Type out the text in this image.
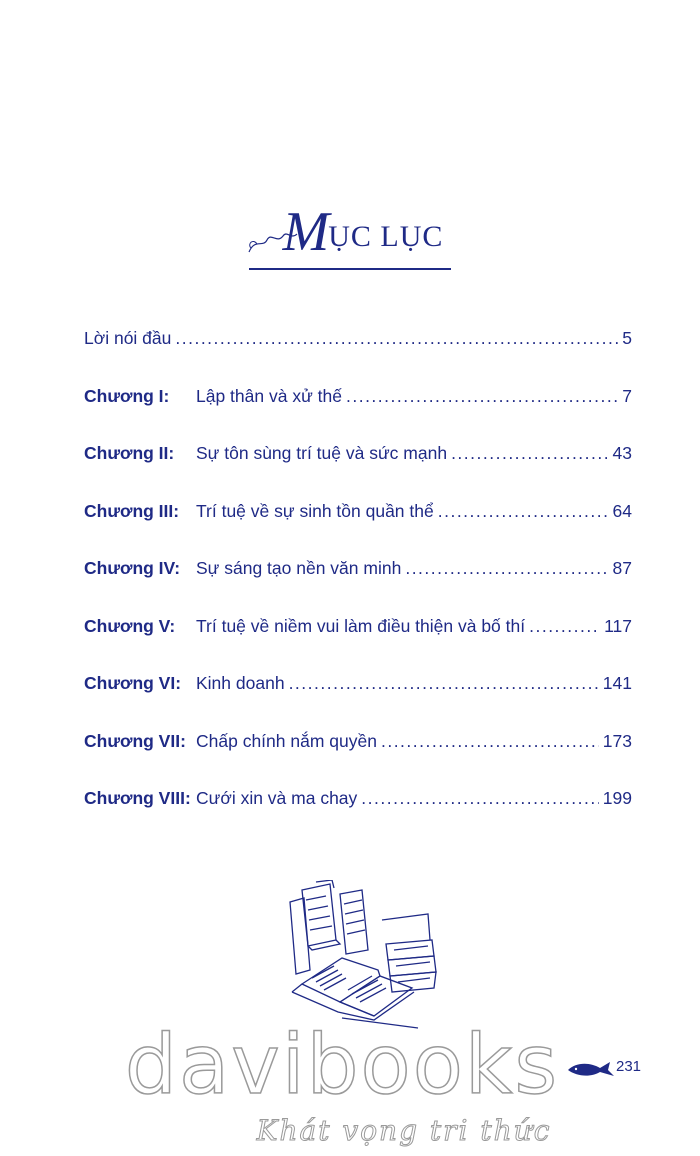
MỤC LỤC
Lời nói đầu .....	5
Chương I:	Lập thân và xử thế .....	7
Chương II:	Sự tôn sùng trí tuệ và sức mạnh .....	43
Chương III: Trí tuệ về sự sinh tồn quần thể .....	64
Chương IV: Sự sáng tạo nền văn minh .....	87
Chương V:	Trí tuệ về niềm vui làm điều thiện và bố thí .....	117
Chương VI: Kinh doanh .....	141
Chương VII: Chấp chính nắm quyền .....	173
Chương VIII: Cưới xin và ma chay .....	199
231
davibooks
Khát vọng tri thức
